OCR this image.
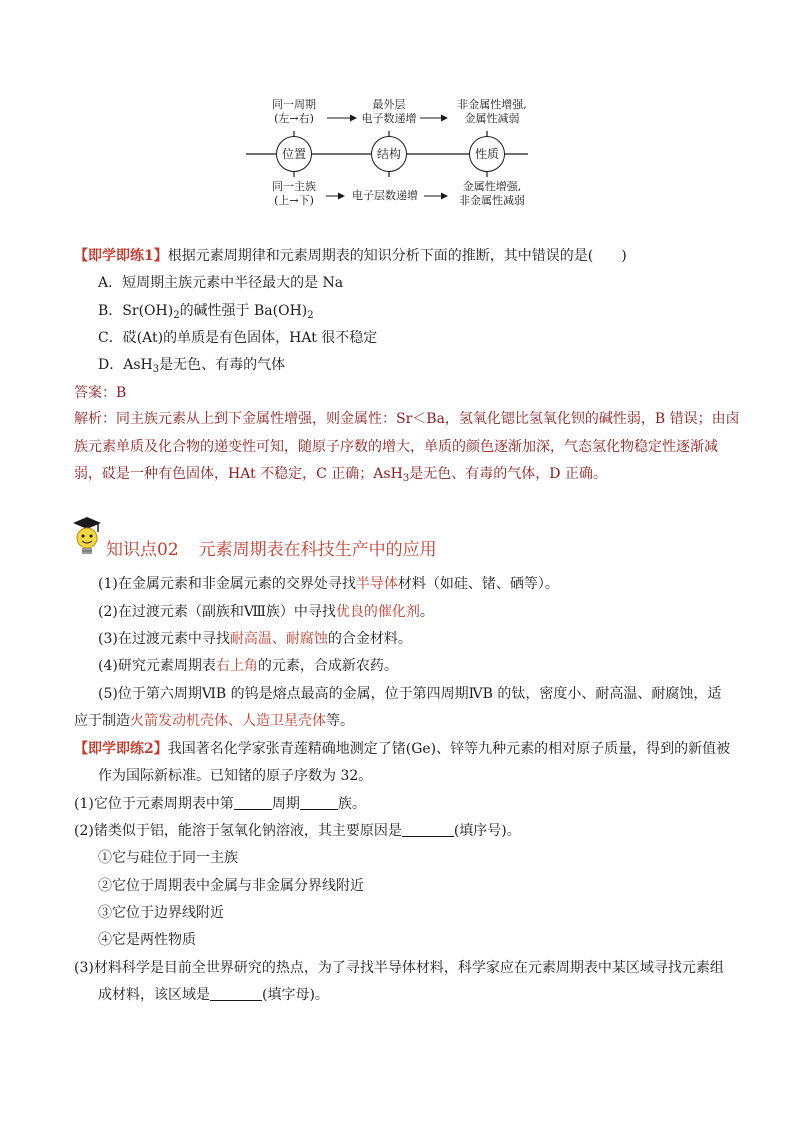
同一周期
(左→右)
最外层
电子数递增
非金属性增强,
金属性减弱
位置	结构	性质
同一主族
(上→下)	电子层数递增
金属性增强,
非金属性减弱
【即学即练1】根据元素周期律和元素周期表的知识分析下面的推断，其中错误的是(　　)
A．短周期主族元素中半径最大的是 Na
B．$Sr(OH)_2$的碱性强于 $Ba(OH)_2$
C．砹(At)的单质是有色固体，HAt 很不稳定
D．AsH$_3$是无色、有毒的气体
答案：B
解析：同主族元素从上到下金属性增强，则金属性：Sr＜Ba，氢氧化锶比氢氧化钡的碱性弱，B 错误；由卤
族元素单质及化合物的递变性可知，随原子序数的增大，单质的颜色逐渐加深，气态氢化物稳定性逐渐减
弱，砹是一种有色固体，HAt 不稳定，C 正确；AsH$_3$是无色、有毒的气体，D 正确。
知识点02 元素周期表在科技生产中的应用
(1)在金属元素和非金属元素的交界处寻找半导体材料（如硅、锗、硒等）。
(2)在过渡元素（副族和Ⅷ族）中寻找优良的催化剂。
(3)在过渡元素中寻找耐高温、耐腐蚀的合金材料。
(4)研究元素周期表右上角的元素，合成新农药。
(5)位于第六周期ⅥB 的钨是熔点最高的金属，位于第四周期ⅣB 的钛，密度小、耐高温、耐腐蚀，适
应于制造火箭发动机壳体、人造卫星壳体等。
【即学即练2】我国著名化学家张青莲精确地测定了锗(Ge)、锌等九种元素的相对原子质量，得到的新值被
作为国际新标准。已知锗的原子序数为 32。
(1)它位于元素周期表中第	周期	族。
(2)锗类似于铝，能溶于氢氧化钠溶液，其主要原因是	(填序号)。
①它与硅位于同一主族
②它位于周期表中金属与非金属分界线附近
③它位于边界线附近
④它是两性物质
(3)材料科学是目前全世界研究的热点，为了寻找半导体材料，科学家应在元素周期表中某区域寻找元素组
成材料，该区域是	(填字母)。
